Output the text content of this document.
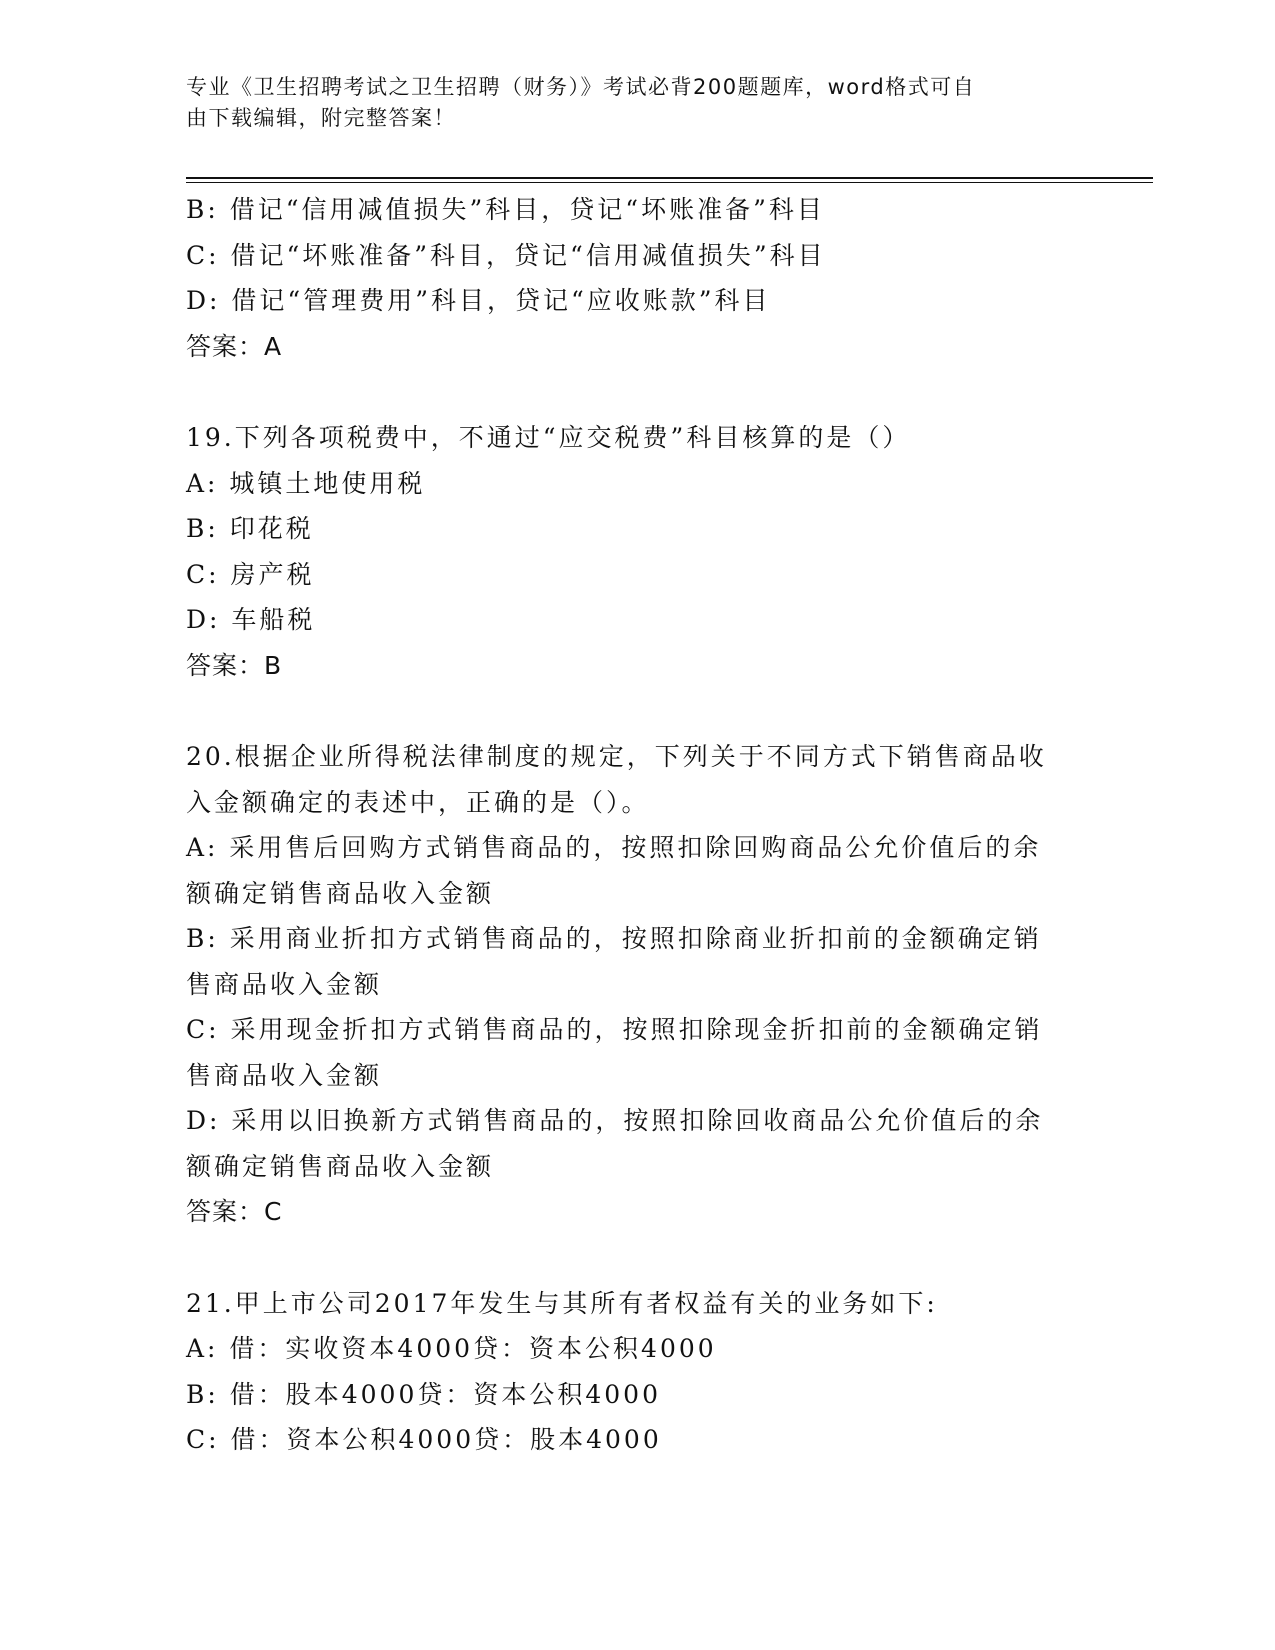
专业《卫生招聘考试之卫生招聘（财务）》考试必背200题题库，word格式可自
由下载编辑，附完整答案！
B: 借记“信用减值损失”科目，贷记“坏账准备”科目
C: 借记“坏账准备”科目，贷记“信用减值损失”科目
D: 借记“管理费用”科目，贷记“应收账款”科目
答案：A
19.下列各项税费中，不通过“应交税费”科目核算的是（）
A: 城镇土地使用税
B: 印花税
C: 房产税
D: 车船税
答案：B
20.根据企业所得税法律制度的规定，下列关于不同方式下销售商品收
入金额确定的表述中，正确的是（）。
A: 采用售后回购方式销售商品的，按照扣除回购商品公允价值后的余
额确定销售商品收入金额
B: 采用商业折扣方式销售商品的，按照扣除商业折扣前的金额确定销
售商品收入金额
C: 采用现金折扣方式销售商品的，按照扣除现金折扣前的金额确定销
售商品收入金额
D: 采用以旧换新方式销售商品的，按照扣除回收商品公允价值后的余
额确定销售商品收入金额
答案：C
21.甲上市公司2017年发生与其所有者权益有关的业务如下:
A: 借：实收资本4000贷：资本公积4000
B: 借：股本4000贷：资本公积4000
C: 借：资本公积4000贷：股本4000
